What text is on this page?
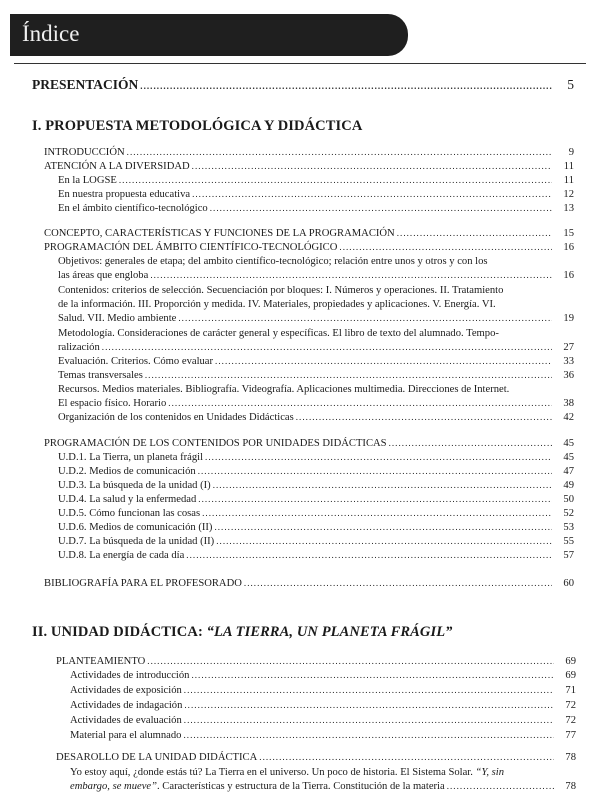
Índice
PRESENTACIÓN . . .	5
I. PROPUESTA METODOLÓGICA Y DIDÁCTICA
INTRODUCCIÓN . . .	9
ATENCIÓN A LA DIVERSIDAD . . .	11
En la LOGSE . . .	11
En nuestra propuesta educativa . . .	12
En el ámbito científico-tecnológico . . .	13
CONCEPTO, CARACTERÍSTICAS Y FUNCIONES DE LA PROGRAMACIÓN . . .	15
PROGRAMACIÓN DEL ÁMBITO CIENTÍFICO-TECNOLÓGICO . . .	16
Objetivos: generales de etapa; del ambito científico-tecnológico; relación entre unos y otros y con los
las áreas que engloba . . .	16
Contenidos: criterios de selección. Secuenciación por bloques: I. Números y operaciones. II. Tratamiento
de la información. III. Proporción y medida. IV. Materiales, propiedades y aplicaciones. V. Energía. VI.
Salud. VII. Medio ambiente . . .	19
Metodología. Consideraciones de carácter general y específicas. El libro de texto del alumnado. Tempo-
ralización . . .	27
Evaluación. Criterios. Cómo evaluar . . .	33
Temas transversales . . .	36
Recursos. Medios materiales. Bibliografía. Videografía. Aplicaciones multimedia. Direcciones de Internet.
El espacio físico. Horario . . .	38
Organización de los contenidos en Unidades Didácticas . . .	42
PROGRAMACIÓN DE LOS CONTENIDOS POR UNIDADES DIDÁCTICAS . . .	45
U.D.1. La Tierra, un planeta frágil . . .	45
U.D.2. Medios de comunicación . . .	47
U.D.3. La búsqueda de la unidad (I) . . .	49
U.D.4. La salud y la enfermedad . . .	50
U.D.5. Cómo funcionan las cosas . . .	52
U.D.6. Medios de comunicación (II) . . .	53
U.D.7. La búsqueda de la unidad (II) . . .	55
U.D.8. La energía de cada día . . .	57
BIBLIOGRAFÍA PARA EL PROFESORADO . . .	60
II. UNIDAD DIDÁCTICA: “LA TIERRA, UN PLANETA FRÁGIL”
PLANTEAMIENTO . . .	69
Actividades de introducción . . .	69
Actividades de exposición . . .	71
Actividades de indagación . . .	72
Actividades de evaluación . . .	72
Material para el alumnado . . .	77
DESAROLLO DE LA UNIDAD DIDÁCTICA . . .	78
Yo estoy aquí, ¿donde estás tú? La Tierra en el universo. Un poco de historia. El Sistema Solar. “Y, sin
embargo, se mueve”. Características y estructura de la Tierra. Constitución de la materia . . .	78
